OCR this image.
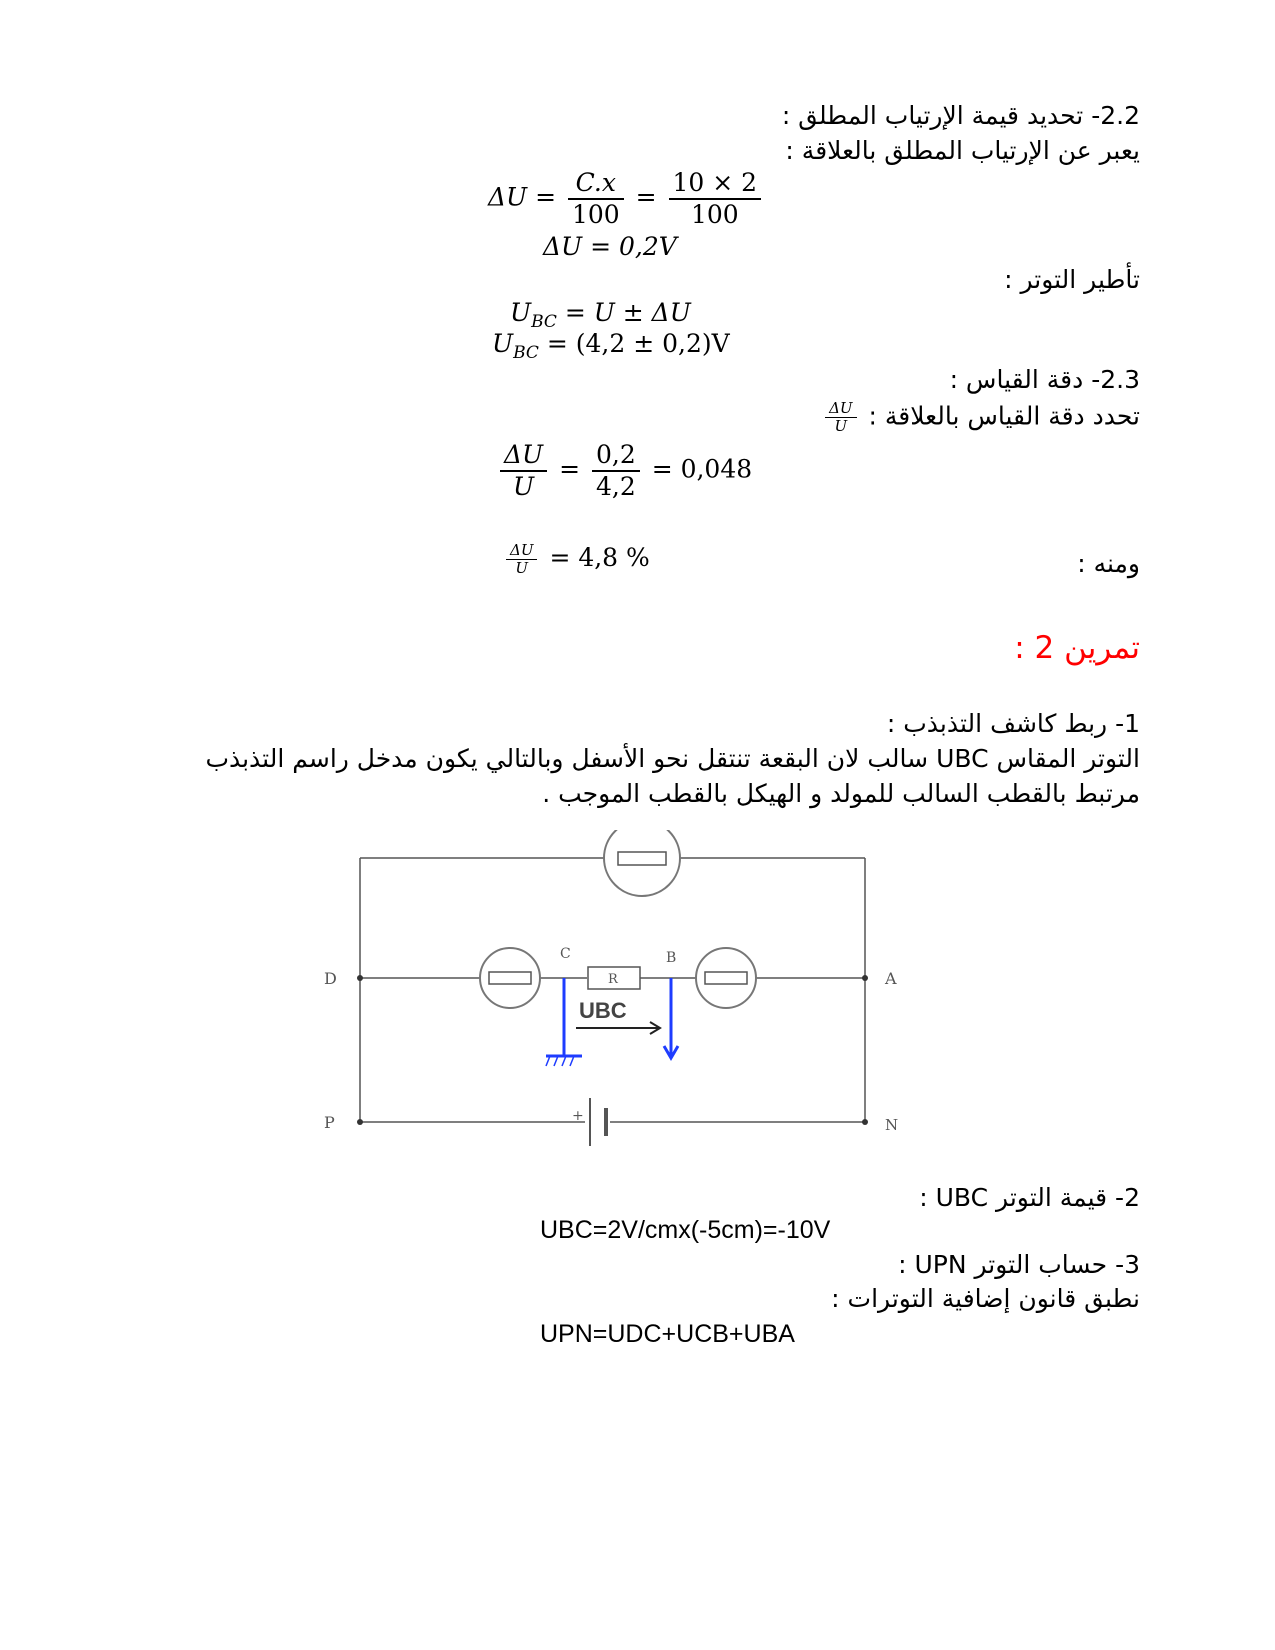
2.2- تحديد قيمة الإرتياب المطلق :
يعبر عن الإرتياب المطلق بالعلاقة :
$\Delta U = \frac{C.x}{100} = \frac{10 \times 2}{100}$
ΔU = 0,2V
تأطير التوتر :
$U_{BC} = U \pm \Delta U$
$U_{BC} = (4,2 \pm 0,2)V$
2.3- دقة القياس :
تحدد دقة القياس بالعلاقة :
$\frac{\Delta U}{U}$
$\frac{\Delta U}{U} = \frac{0,2}{4,2} = 0,048$
ومنه :
$\frac{\Delta U}{U} = 4,8$ %
تمرين 2 :
1- ربط كاشف التذبذب :
التوتر المقاس UBC سالب لان البقعة تنتقل نحو الأسفل وبالتالي يكون مدخل راسم التذبذب
مرتبط بالقطب السالب للمولد و الهيكل بالقطب الموجب .
D	A
P	N
C	B
R
+
UBC
2- قيمة التوتر UBC :
UBC=2V/cmx(-5cm)=-10V
3- حساب التوتر UPN :
نطبق قانون إضافية التوترات :
UPN=UDC+UCB+UBA
